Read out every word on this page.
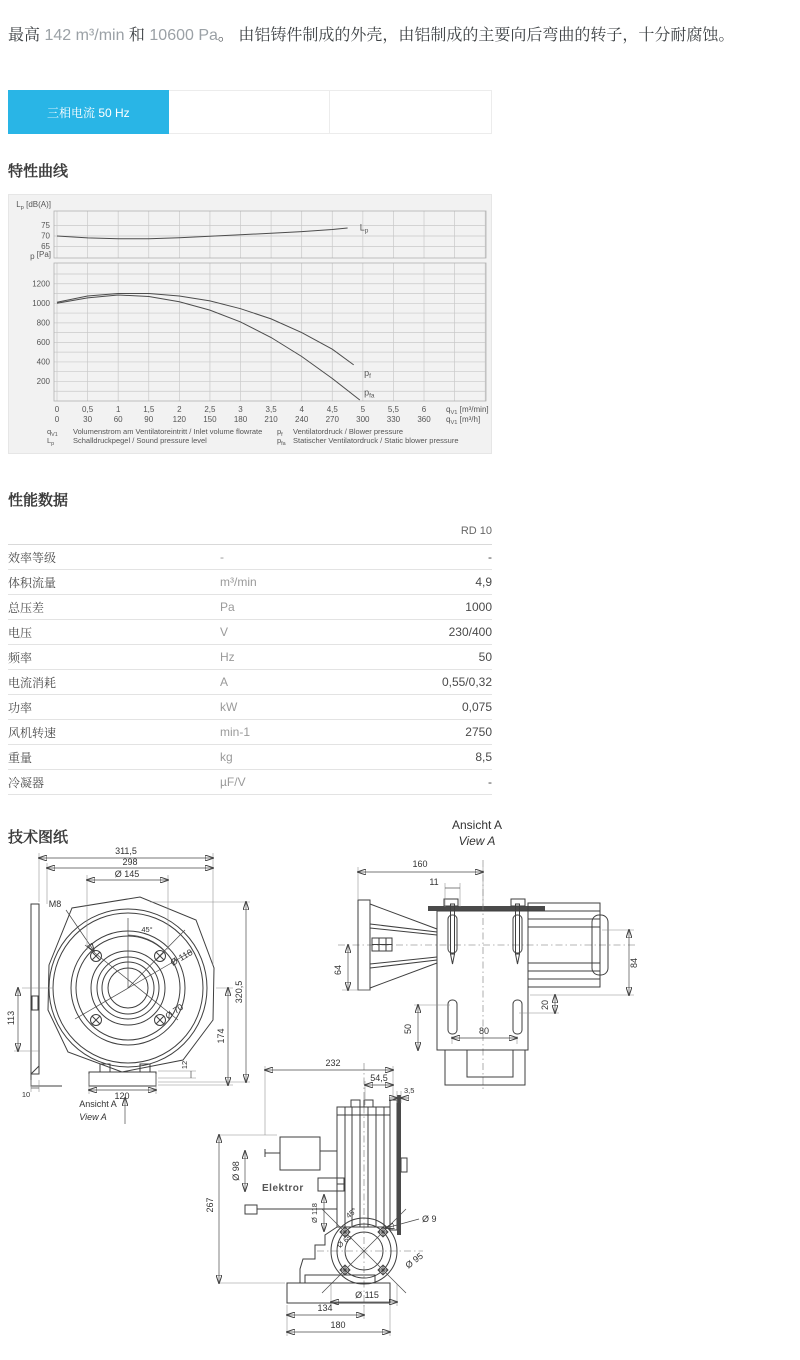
最高 142 m³/min 和 10600 Pa。 由铝铸件制成的外壳，由铝制成的主要向后弯曲的转子，十分耐腐蚀。

三相电流 50 Hz
特性曲线
75
70
65
1200
1000
800
600
400
200
$L_p$ [dB(A)]
p [Pa]
0	0,5	1	1,5	2	2,5	3	3,5	4	4,5	5	5,5	6
0	30	60	90 120 150 180 210 240 270 300 330 360
$q_{V1}$ [m³/min]
$q_{V1}$ [m³/h]
$L_p$
$p_f$
$p_{fa}$
$q_{V1}$ Volumenstrom am Ventilatoreintritt / Inlet volume flowrate
$L_p$	Schalldruckpegel / Sound pressure level
$p_f$ Ventilatordruck / Blower pressure
$p_{fa}$ Statischer Ventilatordruck / Static blower pressure
性能数据
RD 10
效率等级	-	-
体积流量	m³/min	4,9
总压差	Pa	1000
电压	V	230/400
频率	Hz	50
电流消耗	A	0,55/0,32
功率	kW	0,075
风机转速	min-1	2750
重量	kg	8,5
冷凝器	µF/V	-
技术图纸
311,5
298
Ø 145
M8
45°
Ø 118
Ø 70
320,5
174
113
12
10	120
Ansicht A
View A
Ansicht A
View A
160
11
64
84
50	80
20
232
54,5
3,5
Ø 98
267
Elektror
Ø 118	45°	Ø 9
Ø 65
Ø 95
Ø 115
134
180
